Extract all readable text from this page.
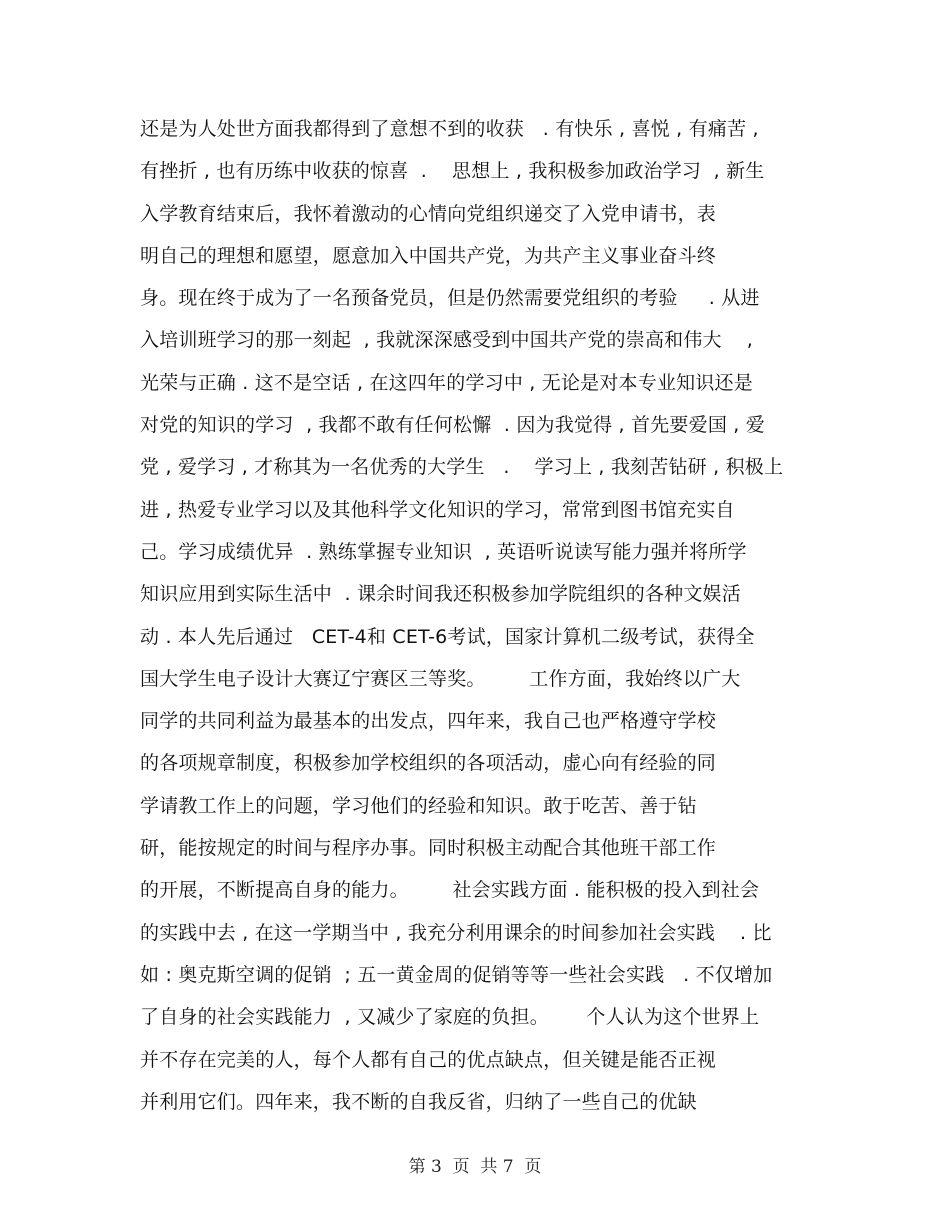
还是为人处世方面我都得到了意想不到的收获   . 有快乐 , 喜悦 , 有痛苦 ,
有挫折 , 也有历练中收获的惊喜  .    思想上 , 我积极参加政治学习  , 新生
入学教育结束后，我怀着激动的心情向党组织递交了入党申请书，表
明自己的理想和愿望，愿意加入中国共产党，为共产主义事业奋斗终
身。现在终于成为了一名预备党员，但是仍然需要党组织的考验     . 从进
入培训班学习的那一刻起  , 我就深深感受到中国共产党的崇高和伟大    ,
光荣与正确 . 这不是空话 , 在这四年的学习中 , 无论是对本专业知识还是
对党的知识的学习  , 我都不敢有任何松懈  . 因为我觉得 , 首先要爱国 , 爱
党 , 爱学习 , 才称其为一名优秀的大学生   .    学习上 , 我刻苦钻研 , 积极上
进 , 热爱专业学习以及其他科学文化知识的学习，常常到图书馆充实自
己。学习成绩优异  . 熟练掌握专业知识  , 英语听说读写能力强并将所学
知识应用到实际生活中  . 课余时间我还积极参加学院组织的各种文娱活
动 . 本人先后通过   CET-4和 CET-6考试，国家计算机二级考试，获得全
国大学生电子设计大赛辽宁赛区三等奖。       工作方面，我始终以广大
同学的共同利益为最基本的出发点，四年来，我自己也严格遵守学校
的各项规章制度，积极参加学校组织的各项活动，虚心向有经验的同
学请教工作上的问题，学习他们的经验和知识。敢于吃苦、善于钻
研，能按规定的时间与程序办事。同时积极主动配合其他班干部工作
的开展，不断提高自身的能力。       社会实践方面 . 能积极的投入到社会
的实践中去 , 在这一学期当中 , 我充分利用课余的时间参加社会实践    . 比
如 : 奥克斯空调的促销  ; 五一黄金周的促销等等一些社会实践   . 不仅增加
了自身的社会实践能力  , 又减少了家庭的负担。      个人认为这个世界上
并不存在完美的人，每个人都有自己的优点缺点，但关键是能否正视
并利用它们。四年来，我不断的自我反省，归纳了一些自己的优缺
第 3  页  共 7  页
